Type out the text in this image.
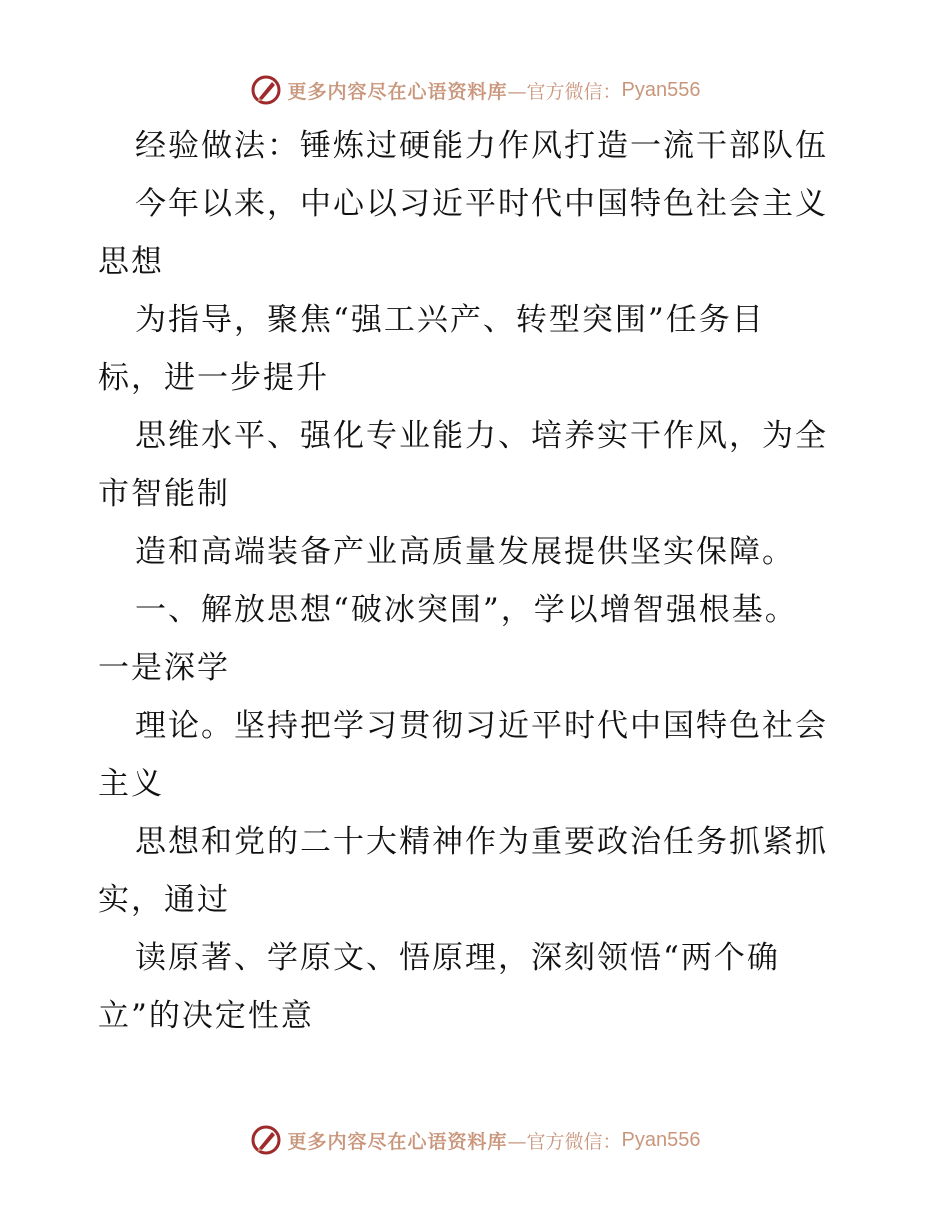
更多内容尽在心语资料库 —官方微信： Pyan556
经验做法：锤炼过硬能力作风打造一流干部队伍
今年以来，中心以习近平时代中国特色社会主义
思想
为指导，聚焦“强工兴产、转型突围”任务目
标，进一步提升
思维水平、强化专业能力、培养实干作风，为全
市智能制
造和高端装备产业高质量发展提供坚实保障。
一、解放思想“破冰突围”，学以增智强根基。
一是深学
理论。坚持把学习贯彻习近平时代中国特色社会
主义
思想和党的二十大精神作为重要政治任务抓紧抓
实，通过
读原著、学原文、悟原理，深刻领悟“两个确
立”的决定性意
更多内容尽在心语资料库 —官方微信： Pyan556
